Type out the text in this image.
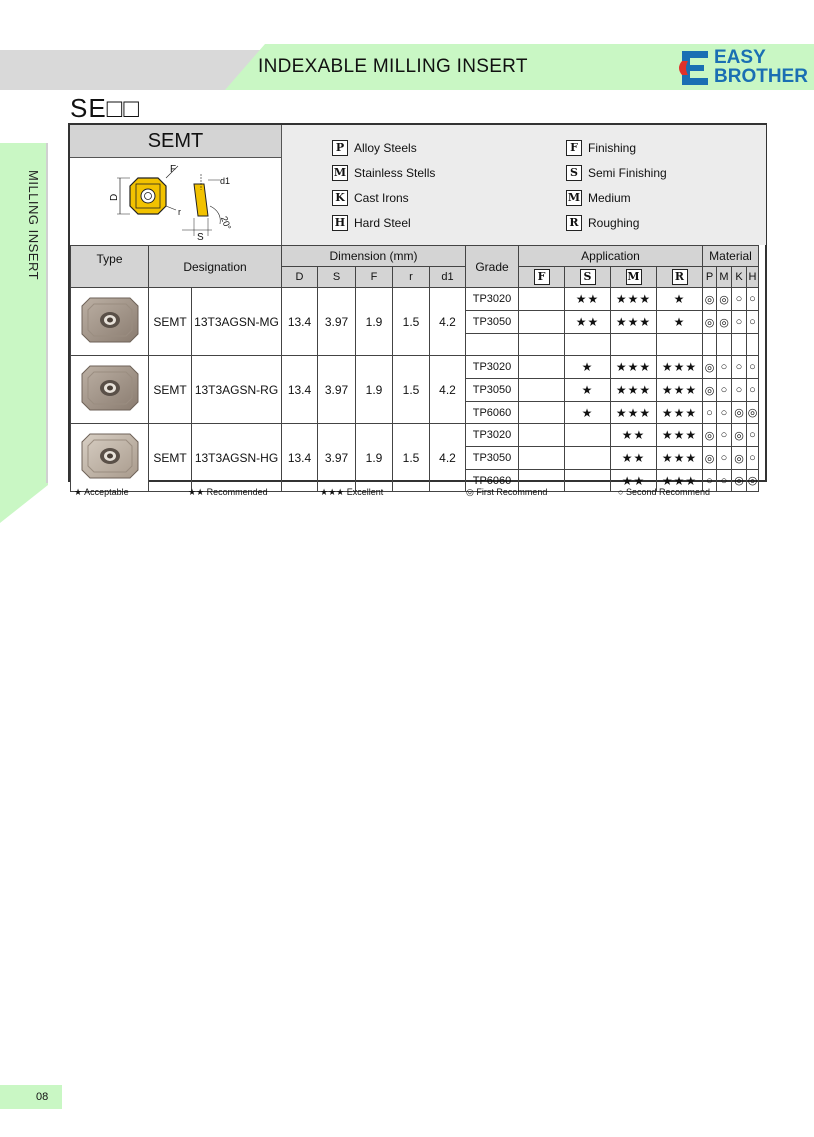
INDEXABLE MILLING INSERT	EASY
BROTHER
MILLING INSERT
SE□□
SEMT
D
F
r
d1
20°
S
P Alloy Steels
M Stainless Stells
K Cast Irons
H Hard Steel
F Finishing
S Semi Finishing
M Medium
R Roughing
Type	Designation		Dimension (mm)					Grade	Application				Material			
			D	S	F	r	d1		F	S	M	R	P	M	K	H
	SEMT	13T3AGSN-MG	13.4	3.97	1.9	1.5	4.2	TP3020		★★	★★★	★	◎	◎	○	○
								TP3050		★★	★★★	★	◎	◎	○	○

	SEMT	13T3AGSN-RG	13.4	3.97	1.9	1.5	4.2	TP3020		★	★★★	★★★	◎	○	○	○
								TP3050		★	★★★	★★★	◎	○	○	○
								TP6060		★	★★★	★★★	○	○	◎	◎
	SEMT	13T3AGSN-HG	13.4	3.97	1.9	1.5	4.2	TP3020			★★	★★★	◎	○	◎	○
								TP3050			★★	★★★	◎	○	◎	○
								TP6060			★★	★★★	○	○	◎	◎
★ Acceptable	★★ Recommended	★★★ Excellent	◎ First Recommend	○ Second Recommend
08
